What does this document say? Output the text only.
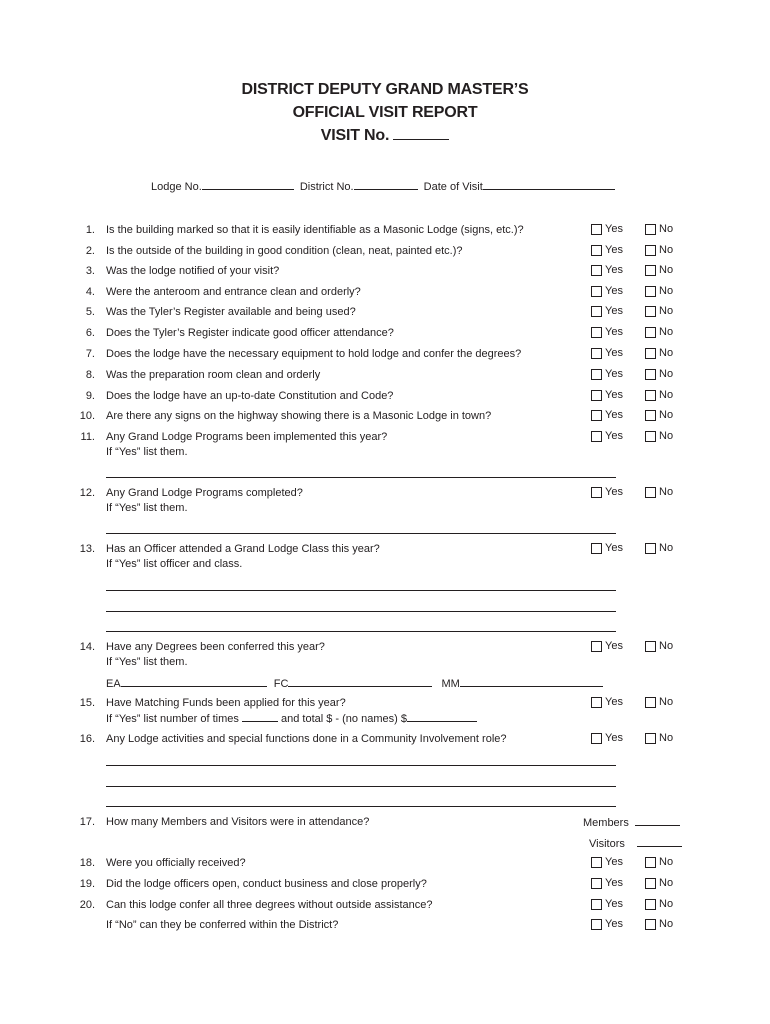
DISTRICT DEPUTY GRAND MASTER’S
OFFICIAL VISIT REPORT
VISIT No.
Lodge No.	District No.	Date of Visit
1. Is the building marked so that it is easily identifiable as a Masonic Lodge (signs, etc.)?	Yes	No
2. Is the outside of the building in good condition (clean, neat, painted etc.)?	Yes	No
3. Was the lodge notified of your visit?	Yes	No
4. Were the anteroom and entrance clean and orderly?	Yes	No
5. Was the Tyler’s Register available and being used?	Yes	No
6. Does the Tyler’s Register indicate good officer attendance?	Yes	No
7. Does the lodge have the necessary equipment to hold lodge and confer the degrees?	Yes	No
8. Was the preparation room clean and orderly	Yes	No
9. Does the lodge have an up-to-date Constitution and Code?	Yes	No
10. Are there any signs on the highway showing there is a Masonic Lodge in town?	Yes	No
11. Any Grand Lodge Programs been implemented this year?
If “Yes” list them.
Yes	No
12. Any Grand Lodge Programs completed?
If “Yes” list them.
Yes	No
13. Has an Officer attended a Grand Lodge Class this year?
If “Yes” list officer and class.
Yes	No
14. Have any Degrees been conferred this year?
If “Yes” list them.
Yes	No
EA	FC	MM
15. Have Matching Funds been applied for this year?
If “Yes” list number of times	and total $ - (no names) $
Yes	No
16. Any Lodge activities and special functions done in a Community Involvement role?	Yes	No
17. How many Members and Visitors were in attendance?	Members
Visitors
18. Were you officially received?	Yes	No
19. Did the lodge officers open, conduct business and close properly?	Yes	No
20. Can this lodge confer all three degrees without outside assistance?	Yes	No
If “No” can they be conferred within the District?	Yes	No
